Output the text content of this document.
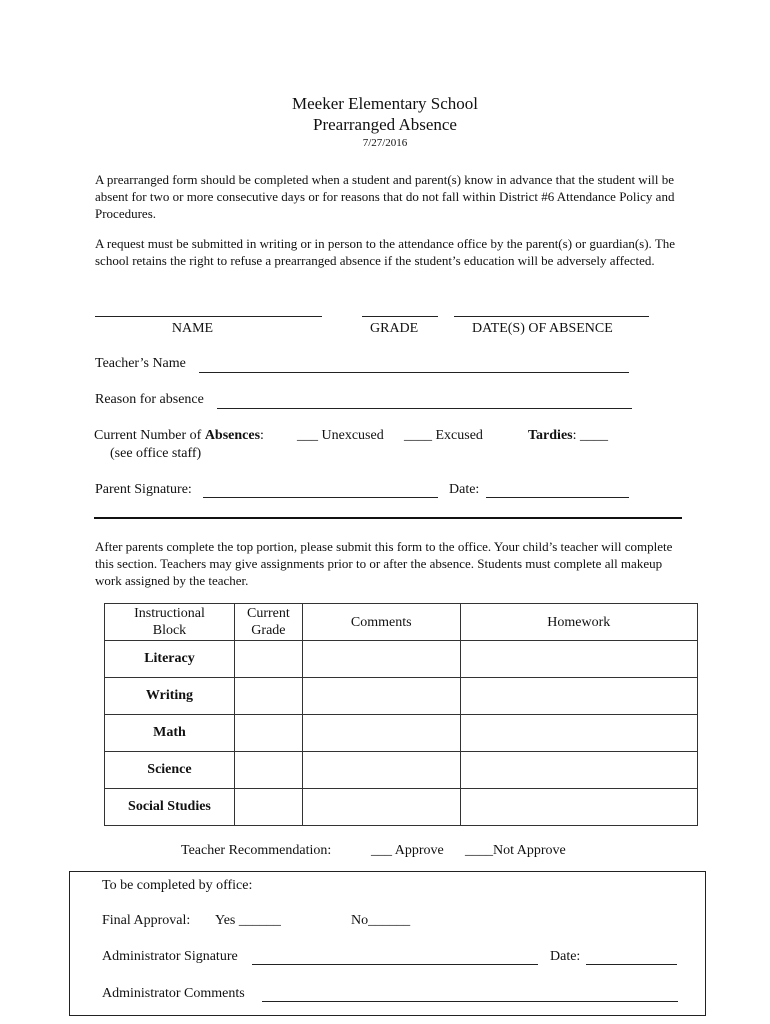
Meeker Elementary School
Prearranged Absence
7/27/2016
A prearranged form should be completed when a student and parent(s) know in advance that the student will be absent for two or more consecutive days or for reasons that do not fall within District #6 Attendance Policy and Procedures.
A request must be submitted in writing or in person to the attendance office by the parent(s) or guardian(s). The school retains the right to refuse a prearranged absence if the student’s education will be adversely affected.
NAME	GRADE	DATE(S) OF ABSENCE
Teacher’s Name
Reason for absence
Current Number of Absences: ___ Unexcused ____ Excused	Tardies: ____
(see office staff)
Parent Signature:	Date:
After parents complete the top portion, please submit this form to the office. Your child’s teacher will complete this section. Teachers may give assignments prior to or after the absence. Students must complete all makeup work assigned by the teacher.
Instructional Block	Current Grade	Comments	Homework
Literacy			
Writing			
Math			
Science			
Social Studies			
Teacher Recommendation:	___ Approve ____Not Approve
To be completed by office:
Final Approval: Yes ______	No______
Administrator Signature	Date:
Administrator Comments
